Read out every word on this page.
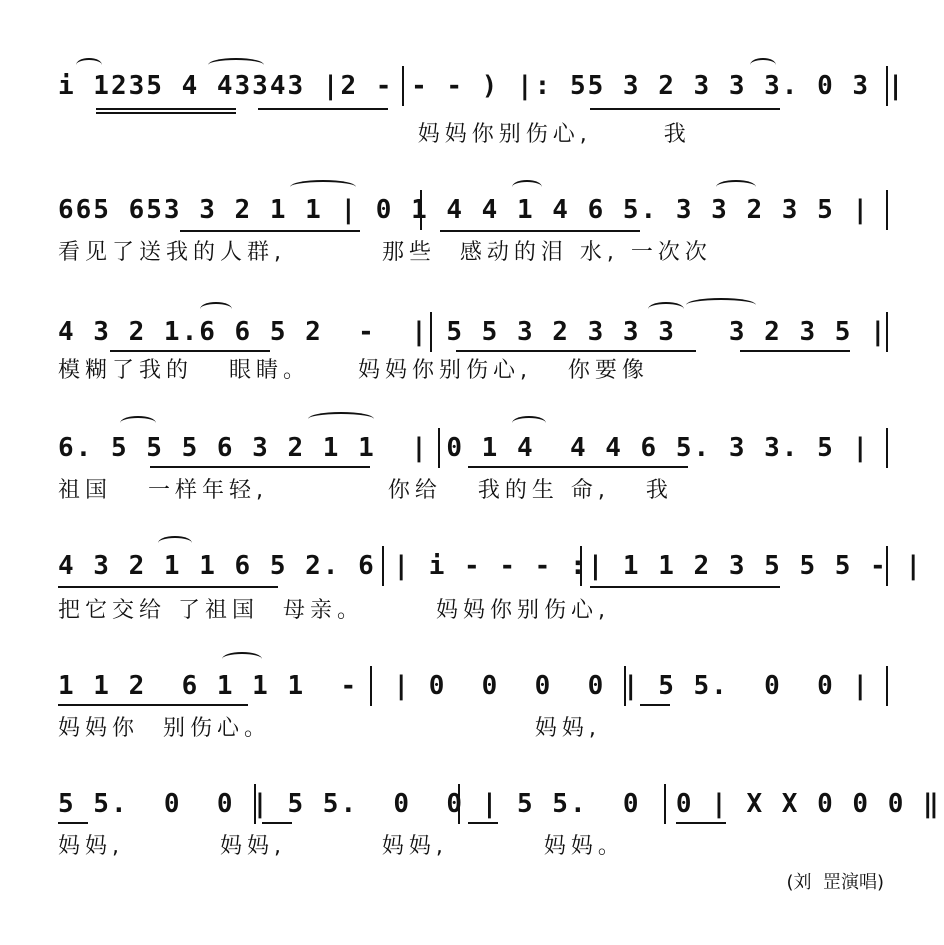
i 1235 4 43343 |2 - - - ) |: 55 3 2 3 3 3. 0 3 |
妈妈你别伤心,      我
665 653 3 2 1 1 | 0 1 4 4 1 4 6 5. 3 3 2 3 5 |
看见了送我的人群,        那些  感动的泪 水, 一次次
4 3 2 1.6 6 5 2  -  | 5 5 3 2 3 3 3   3 2 3 5 |
模糊了我的   眼睛。    妈妈你别伤心,   你要像
6. 5 5 5 6 3 2 1 1  | 0 1 4  4 4 6 5. 3 3. 5 |
祖国   一样年轻,          你给   我的生 命,   我
4 3 2 1 1 6 5 2. 6 | i - - - :| 1 1 2 3 5 5 5 - |
把它交给 了祖国  母亲。      妈妈你别伤心,
1 1 2  6 1 1 1  -  | 0  0  0  0 | 5 5.  0  0 |
妈妈你  别伤心。                      妈妈,
5 5.  0  0 | 5 5.  0  0 | 5 5.  0  0 | X X 0 0 0 ‖
妈妈,        妈妈,        妈妈,        妈妈。
(刘  罡演唱)
